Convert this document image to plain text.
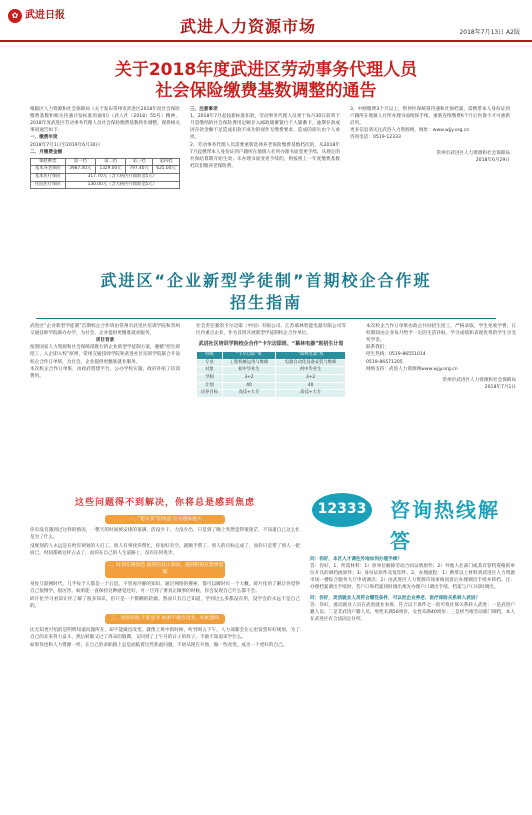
✿ 武进日报
武进人力资源市场	2018年7月13日 A2版
关于2018年度武进区劳动事务代理人员
社会保险缴费基数调整的通告

根据区人力资源和社会保障局《关于发布常州市武进区2018年度社会保险缴费基数和相关待遇计发标准的通知》（武人社（2018）55号）精神，2018年度武进区劳动事务代理人员社会保险缴费基数将作调整，现将相关事项通告如下：

一、缴费年度

2018年7月1日至2019年6月30日

二、月缴费金额

保险种类	第一档	第二档	第三档	第四档
基本养老保险	3987.00元	1329.00元	797.40元	625.00元
基本医疗保险	317.70元（含大病医疗救助金5元）			
住院医疗保险	130.00元（含大病医疗救助金5元）			

三、注意事项

1、2018年7月起按新标准扣款，劳动事务代理人员须于每月30日前将下月需缴纳的社会保险费用足额存入邮政储蓄银行个人储蓄卡，逾期存款或因存款金额不足造成扣款不成功的视作无缴费要求，造成的损失由个人承担。

2、劳动事务代理人员需要重新选择养老保险缴费基数档次的，从2018年7月起携带本人身份证到户籍所在地镇人社所办理书面变更手续，从规定的社保结算期开始生效；未办理书面变更手续的，则按照上一年度缴费基数档次扣缴养老保险费。

3、中断缴费3个月以上，暂停医保统筹待遇和社保档案，需携带本人身份证到户籍所在地镇人社所办理书面续保手续，重新连续缴费6个月后医保卡才可重新启用。

更多信息请关注武进人力资源网，网址：www.wjjy.org.cn

咨询电话：0519-12333

常州市武进区人力资源和社会保障局

2018年6月29日

武进区“企业新型学徒制”首期校企合作班
招生指南

武进区“企业新型学徒制”首期校企合作班由常州市武进区培训学院和常州交通技师学院联办办学，为社会、企业提供更精准就业服务。

项目背景

按照国家人力资源和社会保障部推行的企业新型学徒制方案，遵循“招生即招工、入企即入校”原则，常州交通技师学院和武进社区培训学院联合开设校企合作订单班，为社会、企业提供更精准就业服务。

本次校企合作订单班，由政府搭建平台，公办学校实施、政府补贴了培训费用。

社会责任强的卡尔迈耶（中国）有限公司、江苏慕林智能电器有限公司等区内重点企业，作为首批开展新型学徒制校企合作单位。

武进社区培训学院校企合作“卡尔迈耶班、“慕林电器”班招生计划

班级	“卡尔迈耶”班	“慕林电器”班
专业	工程机械运用与维修	电器自动化设备安装与维修
对象	初中毕业生	初中毕业生
学制	3+2	3+2
计划	40	40
培养目标	高技+大专	高技+大专

本次校企合作订单班由政企共同招生招工，严格录取，学生免收学费，在校期间由企业每月给予一定的生活补贴，学习成绩和表现优秀的学生享受奖学金。

联系我们：

招生热线：0519-86551014

0519-86571205

网络支持：武进人力资源网www.wjjy.org.cn

常州市武进区人力资源和社会保障局

2018年7月1日

这些问题得不到解决，你将总是感到焦虑
一、“想太多”的忧虑 压力越来越大

你有没有遇到过这样的情况，一整天的时间被安排的很满，活没少干，力没少出，只是到了晚上突然觉得很迷茫，不知道自己这么忙是为了什么。

没规划的人永远是在给有规划的人打工。别人有事找你帮忙，你很好有空，就顺手帮了。别人的目标完成了，而你只是帮了别人一把而已，时间都被这样占去了，而你在自己的人生道路上，没有任何进步。

二、时刻充满惊恐 抱怨的真正原因，遇到阻碍总想要退缩

身处互联网时代，几乎每个人都是一个后浪，不管再冷静的知识，通过网络的搜索，都可以瞬时有一个大概。碎片化的了解让你觉得自己很博学，很厉害，如果能一直保持这种感觉还好，可一旦到了要真正做事的时候，你会发现自己什么都不会。

碎片化学习看似让你了解了很多知识，但只是一个模糊的轮廓。然而只有自己知道，学到这么多都没有用，没学会的永远不是自己的。

三、贪图安逸 不能思考 如果不做出改变，如此循环

比无知更可怕的是明明知道问题所在，却不能做出改变。就像上班中的时候，听到周五下午，人力部都会在心里发誓好好规划，为了自己的未来努力奋斗。然后转眼又过了周末的假期，又回到了上午月的日子的样子。不敢不知道该学什么。

如果你也和人力资源一样，在自己的求职路上总是面临着这些焦虑问题，不妨从现在开始，做一些改变，成为一个更好的自己。

12333 咨询热线解答

问：你好，本区人才调往外地如何办理手续？

答：你好，1、所需材料：1）原单位解除劳动合同证明原件；2）外地人社部门或其有管档资格的单位开具的调档函原件；3）身份证原件及复印件。2、办理流程：1）携带以上材料到武进区人力资源市场一楼综合服务大厅申请调出；2）由武进区人力资源市场审核同意后办理调出手续并转档。注：办理档案调出手续时，若户口和档案同时调出须先办理户口调出手续，档案与户口同时调出。

问：你好，灵活就业人员符合哪些条件，可以把企业养老、医疗保险关系转入武进？

答：你好，流动就业人员在武进就业参保，符合以下条件之一的可将社保关系转入武进：一是武进户籍人员；二是非武进户籍人员，男性未满50周岁，女性未满40周岁；三是经当地劳动部门调档，本人在武进区有合法固定住所。
